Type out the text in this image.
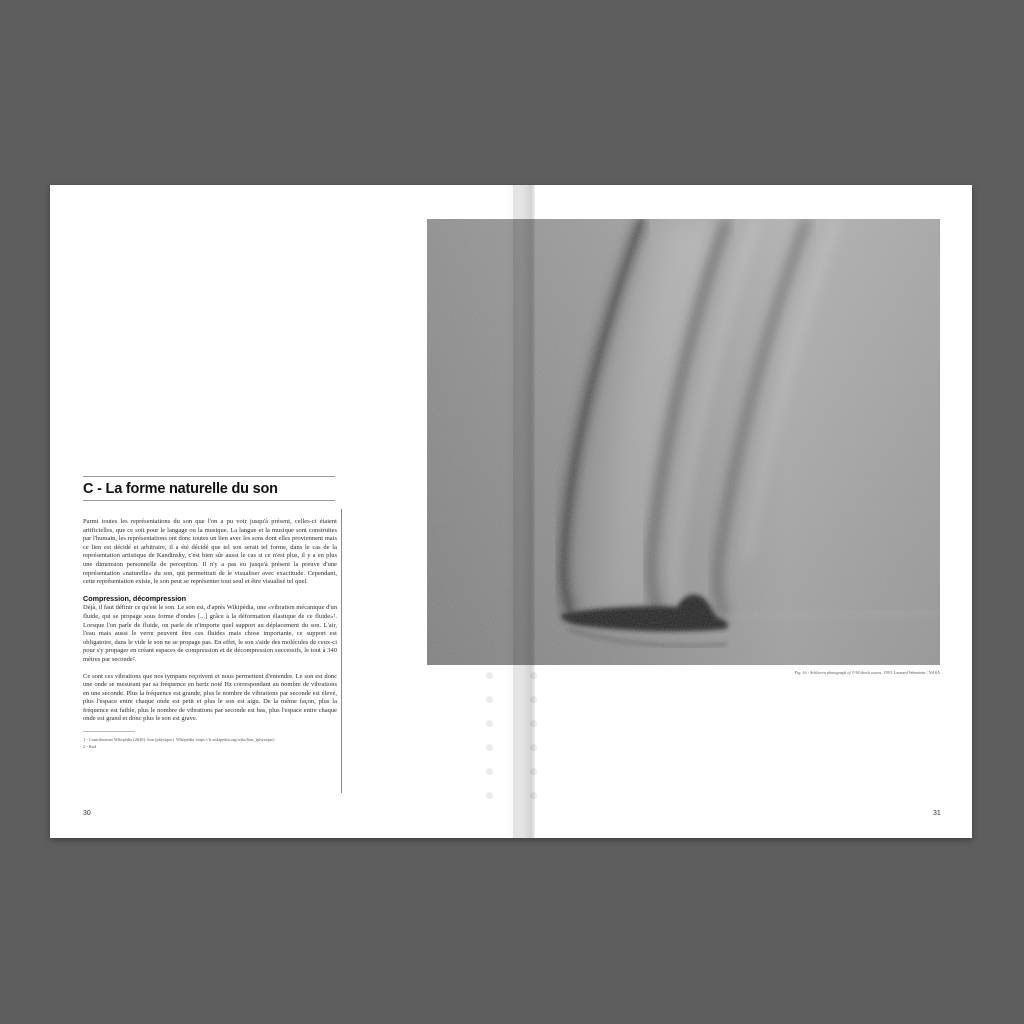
C - La forme naturelle du son

Parmi toutes les représentations du son que l'on a pu voir jusqu'à présent, celles-ci étaient artificielles, que ce soit pour le langage ou la musique. La langue et la musique sont construites par l'humain, les représentations ont donc toutes un lien avec les sons dont elles proviennent mais ce lien est décidé et arbitraire, il a été décidé que tel son serait tel forme, dans le cas de la représentation artistique de Kandinsky, c'est bien sûr aussi le cas si ce n'est plus, il y a en plus une dimension personnelle de perception. Il n'y a pas eu jusqu'à présent la preuve d'une représentation «naturelle» du son, qui permettrait de le visualiser avec exactitude. Cependant, cette représentation existe, le son peut se représenter tout seul et être visualisé tel quel.

Compression, décompression

Déjà, il faut définir ce qu'est le son. Le son est, d'après Wikipédia, une «vibration mécanique d'un fluide, qui se propage sous forme d'ondes [...] grâce à la déformation élastique de ce fluide»¹. Lorsque l'on parle de fluide, on parle de n'importe quel support au déplacement du son. L'air, l'eau mais aussi le verre peuvent être ces fluides mais chose importante, ce support est obligatoire, dans le vide le son ne se propage pas. En effet, le son s'aide des molécules de ceux-ci pour s'y propager en créant espaces de compression et de décompression successifs, le tout à 340 mètres par seconde².

Ce sont ces vibrations que nos tympans reçoivent et nous permettent d'entendre. Le son est donc une onde se mesurant par sa fréquence en hertz noté Hz correspondant au nombre de vibrations en une seconde. Plus la fréquence est grande, plus le nombre de vibrations par seconde est élevé, plus l'espace entre chaque onde est petit et plus le son est aigu. De la même façon, plus la fréquence est faible, plus le nombre de vibrations par seconde est bas, plus l'espace entre chaque onde est grand et donc plus le son est grave.

1 - Contributeurs Wikipédia (2020). Son (physique). Wikipédia. https://fr.wikipedia.org/wiki/Son_(physique)
2 - Ibid
30
Fig. 16 - Schlieren photograph of T-38 shock waves, 1993, Leonard Weinstein / NASA
31
